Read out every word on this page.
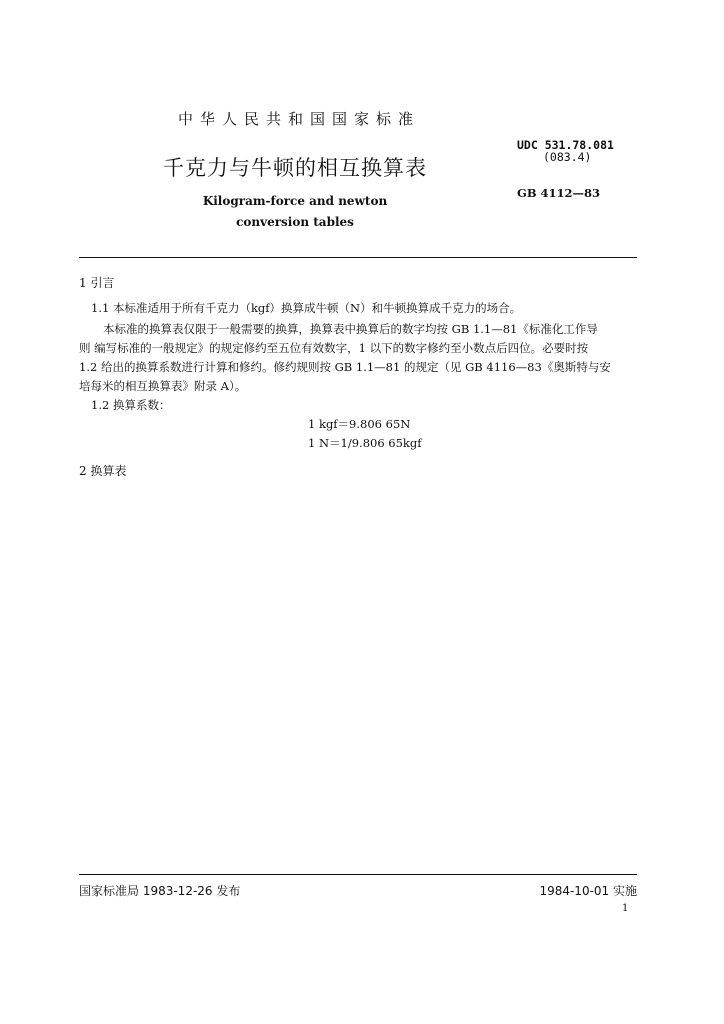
中华人民共和国国家标准
千克力与牛顿的相互换算表
Kilogram-force and newton
conversion tables
UDC 531.78.081
(083.4)
GB 4112—83
1 引言
1.1 本标准适用于所有千克力（kgf）换算成牛顿（N）和牛顿换算成千克力的场合。
本标准的换算表仅限于一般需要的换算，换算表中换算后的数字均按 GB 1.1—81《标准化工作导
则 编写标准的一般规定》的规定修约至五位有效数字，1 以下的数字修约至小数点后四位。必要时按
1.2 给出的换算系数进行计算和修约。修约规则按 GB 1.1—81 的规定（见 GB 4116—83《奥斯特与安
培每米的相互换算表》附录 A）。
1.2 换算系数：
1 kgf＝9.806 65N
1 N＝1/9.806 65kgf
2 换算表
国家标准局 1983-12-26 发布	1984-10-01 实施
1
